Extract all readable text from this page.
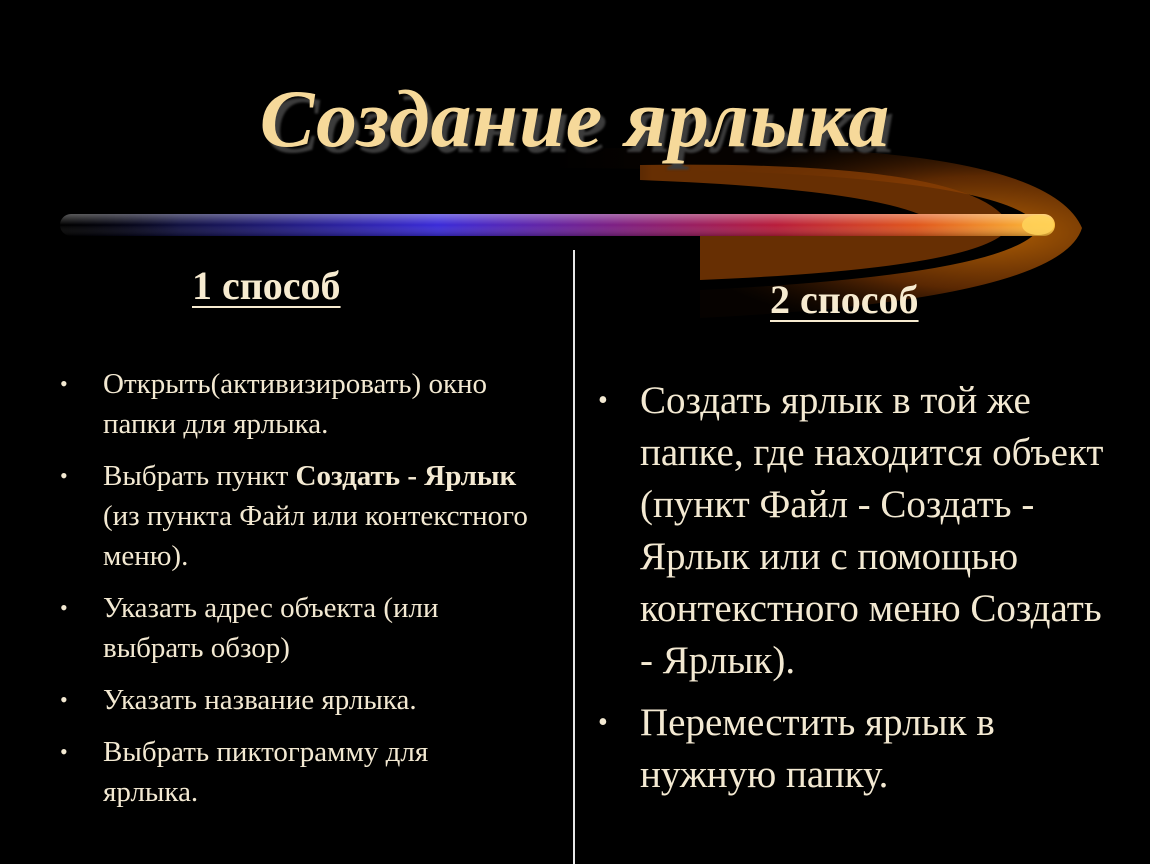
Создание ярлыка
1 способ
• Открыть(активизировать) окно папки для ярлыка.
• Выбрать пункт Создать - Ярлык (из пункта Файл или контекстного меню).
• Указать адрес объекта (или выбрать обзор)
• Указать название ярлыка.
• Выбрать пиктограмму для ярлыка.
2 способ
• Создать ярлык в той же папке, где находится объект (пункт Файл - Создать - Ярлык или с помощью контекстного меню Создать - Ярлык).
• Переместить ярлык в нужную папку.
